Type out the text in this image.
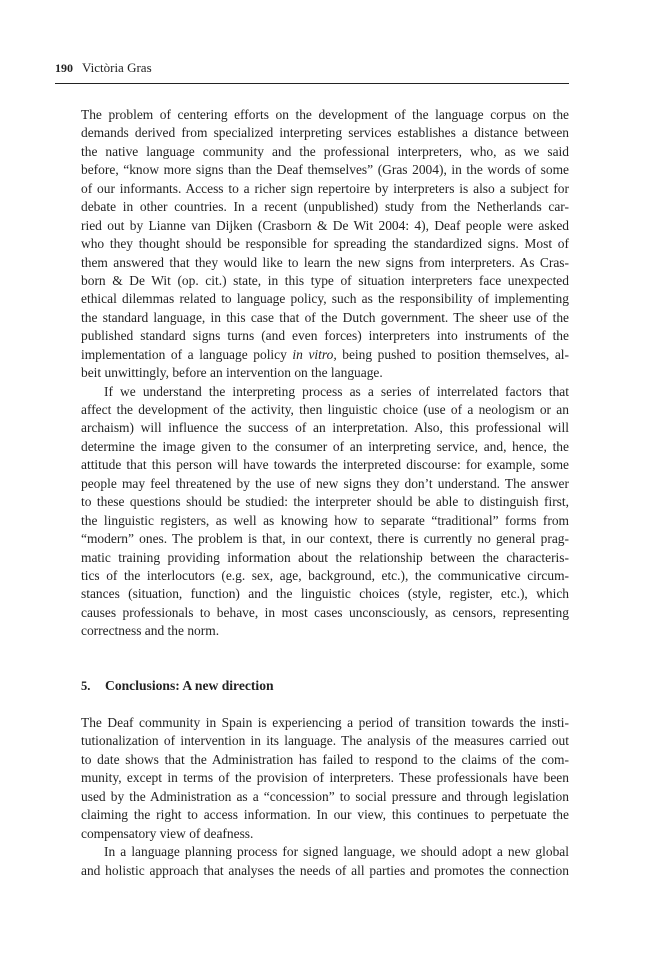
190 Victòria Gras
The problem of centering efforts on the development of the language corpus on the
demands derived from specialized interpreting services establishes a distance between
the native language community and the professional interpreters, who, as we said
before, “know more signs than the Deaf themselves” (Gras 2004), in the words of some
of our informants. Access to a richer sign repertoire by interpreters is also a subject for
debate in other countries. In a recent (unpublished) study from the Netherlands car-
ried out by Lianne van Dijken (Crasborn & De Wit 2004: 4), Deaf people were asked
who they thought should be responsible for spreading the standardized signs. Most of
them answered that they would like to learn the new signs from interpreters. As Cras-
born & De Wit (op. cit.) state, in this type of situation interpreters face unexpected
ethical dilemmas related to language policy, such as the responsibility of implementing
the standard language, in this case that of the Dutch government. The sheer use of the
published standard signs turns (and even forces) interpreters into instruments of the
implementation of a language policy in vitro, being pushed to position themselves, al-
beit unwittingly, before an intervention on the language.
If we understand the interpreting process as a series of interrelated factors that
affect the development of the activity, then linguistic choice (use of a neologism or an
archaism) will influence the success of an interpretation. Also, this professional will
determine the image given to the consumer of an interpreting service, and, hence, the
attitude that this person will have towards the interpreted discourse: for example, some
people may feel threatened by the use of new signs they don’t understand. The answer
to these questions should be studied: the interpreter should be able to distinguish first,
the linguistic registers, as well as knowing how to separate “traditional” forms from
“modern” ones. The problem is that, in our context, there is currently no general prag-
matic training providing information about the relationship between the characteris-
tics of the interlocutors (e.g. sex, age, background, etc.), the communicative circum-
stances (situation, function) and the linguistic choices (style, register, etc.), which
causes professionals to behave, in most cases unconsciously, as censors, representing
correctness and the norm.
5. Conclusions: A new direction
The Deaf community in Spain is experiencing a period of transition towards the insti-
tutionalization of intervention in its language. The analysis of the measures carried out
to date shows that the Administration has failed to respond to the claims of the com-
munity, except in terms of the provision of interpreters. These professionals have been
used by the Administration as a “concession” to social pressure and through legislation
claiming the right to access information. In our view, this continues to perpetuate the
compensatory view of deafness.
In a language planning process for signed language, we should adopt a new global
and holistic approach that analyses the needs of all parties and promotes the connection
